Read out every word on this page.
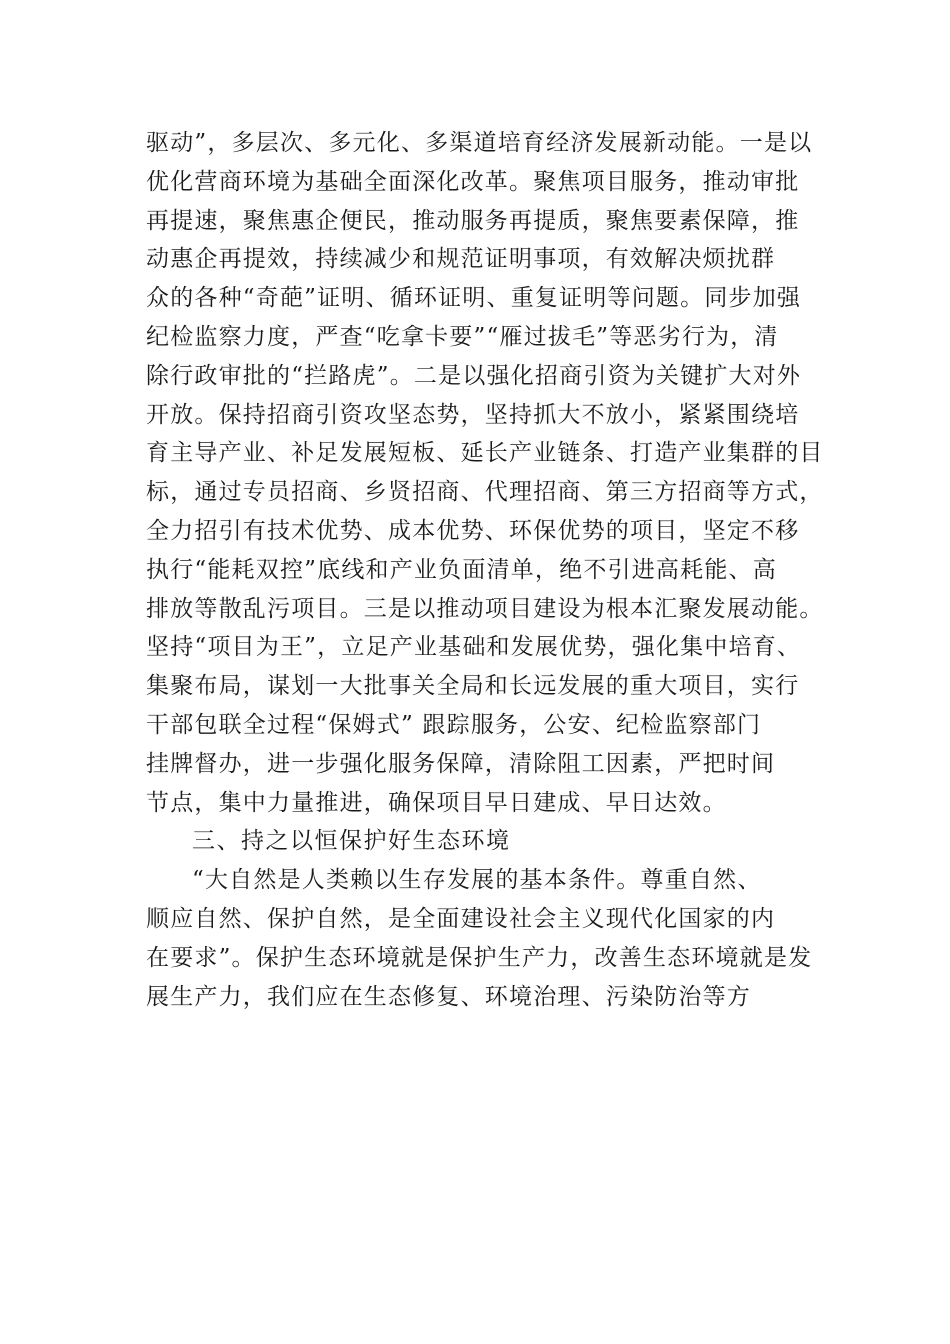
驱动”，多层次、多元化、多渠道培育经济发展新动能。一是以
优化营商环境为基础全面深化改革。聚焦项目服务，推动审批
再提速，聚焦惠企便民，推动服务再提质，聚焦要素保障，推
动惠企再提效，持续减少和规范证明事项，有效解决烦扰群
众的各种“奇葩”证明、循环证明、重复证明等问题。同步加强
纪检监察力度，严查“吃拿卡要”“雁过拔毛”等恶劣行为，清
除行政审批的“拦路虎”。二是以强化招商引资为关键扩大对外
开放。保持招商引资攻坚态势，坚持抓大不放小，紧紧围绕培
育主导产业、补足发展短板、延长产业链条、打造产业集群的目
标，通过专员招商、乡贤招商、代理招商、第三方招商等方式，
全力招引有技术优势、成本优势、环保优势的项目，坚定不移
执行“能耗双控”底线和产业负面清单，绝不引进高耗能、高
排放等散乱污项目。三是以推动项目建设为根本汇聚发展动能。
坚持“项目为王”，立足产业基础和发展优势，强化集中培育、
集聚布局，谋划一大批事关全局和长远发展的重大项目，实行
干部包联全过程“保姆式” 跟踪服务，公安、纪检监察部门
挂牌督办，进一步强化服务保障，清除阻工因素，严把时间
节点，集中力量推进，确保项目早日建成、早日达效。
三、持之以恒保护好生态环境
“大自然是人类赖以生存发展的基本条件。尊重自然、
顺应自然、保护自然，是全面建设社会主义现代化国家的内
在要求”。保护生态环境就是保护生产力，改善生态环境就是发
展生产力，我们应在生态修复、环境治理、污染防治等方
